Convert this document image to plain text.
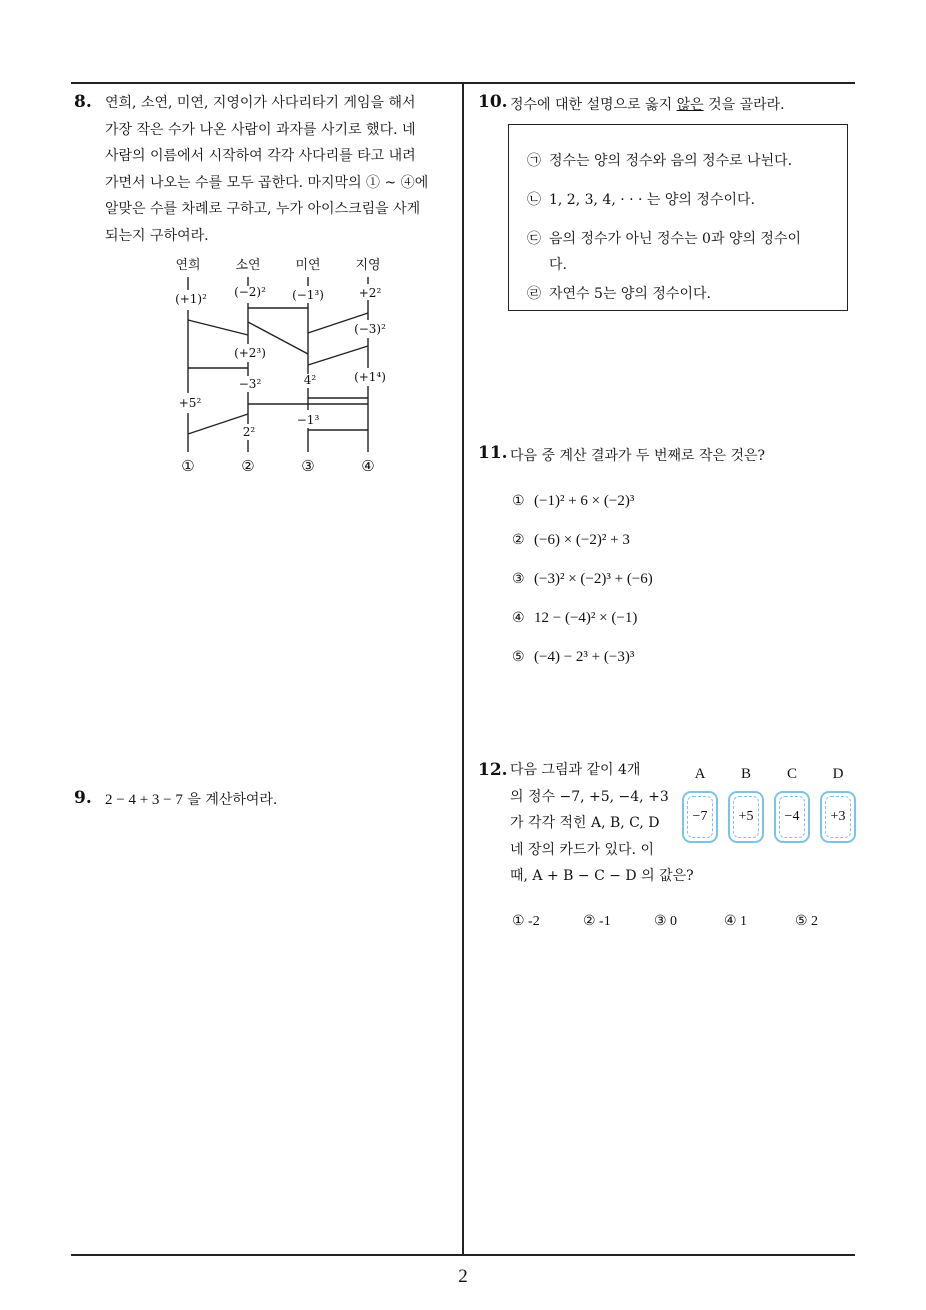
2
8. 연희, 소연, 미연, 지영이가 사다리타기 게임을 해서

가장 작은 수가 나온 사람이 과자를 사기로 했다. 네

사람의 이름에서 시작하여 각각 사다리를 타고 내려

가면서 나오는 수를 모두 곱한다. 마지막의 ① ~ ④에

알맞은 수를 차례로 구하고, 누가 아이스크림을 사게

되는지 구하여라.

연희	소연	미연	지영
(+1)² (−2)² (−1³)	+2²
(−3)²
(+2³)
−3²	4²	(+1⁴)
+5²
−1³
2²
①	②	③	④
9. 2 − 4 + 3 − 7 을 계산하여라.
10. 정수에 대한 설명으로 옳지 않은 것을 골라라.
㉠ 정수는 양의 정수와 음의 정수로 나뉜다.
㉡ 1, 2, 3, 4, · · · 는 양의 정수이다.
㉢ 음의 정수가 아닌 정수는 0과 양의 정수이
다.
㉣ 자연수 5는 양의 정수이다.
11. 다음 중 계산 결과가 두 번째로 작은 것은?
① (−1)² + 6 × (−2)³
② (−6) × (−2)² + 3
③ (−3)² × (−2)³ + (−6)
④ 12 − (−4)² × (−1)
⑤ (−4) − 2³ + (−3)³
12. 다음 그림과 같이 4개

의 정수 −7, +5, −4, +3

가 각각 적힌 A, B, C, D

네 장의 카드가 있다. 이

때, A + B − C − D 의 값은?

A	B	C	D
−7	+5	−4	+3
① -2	② -1	③ 0	④ 1	⑤ 2
